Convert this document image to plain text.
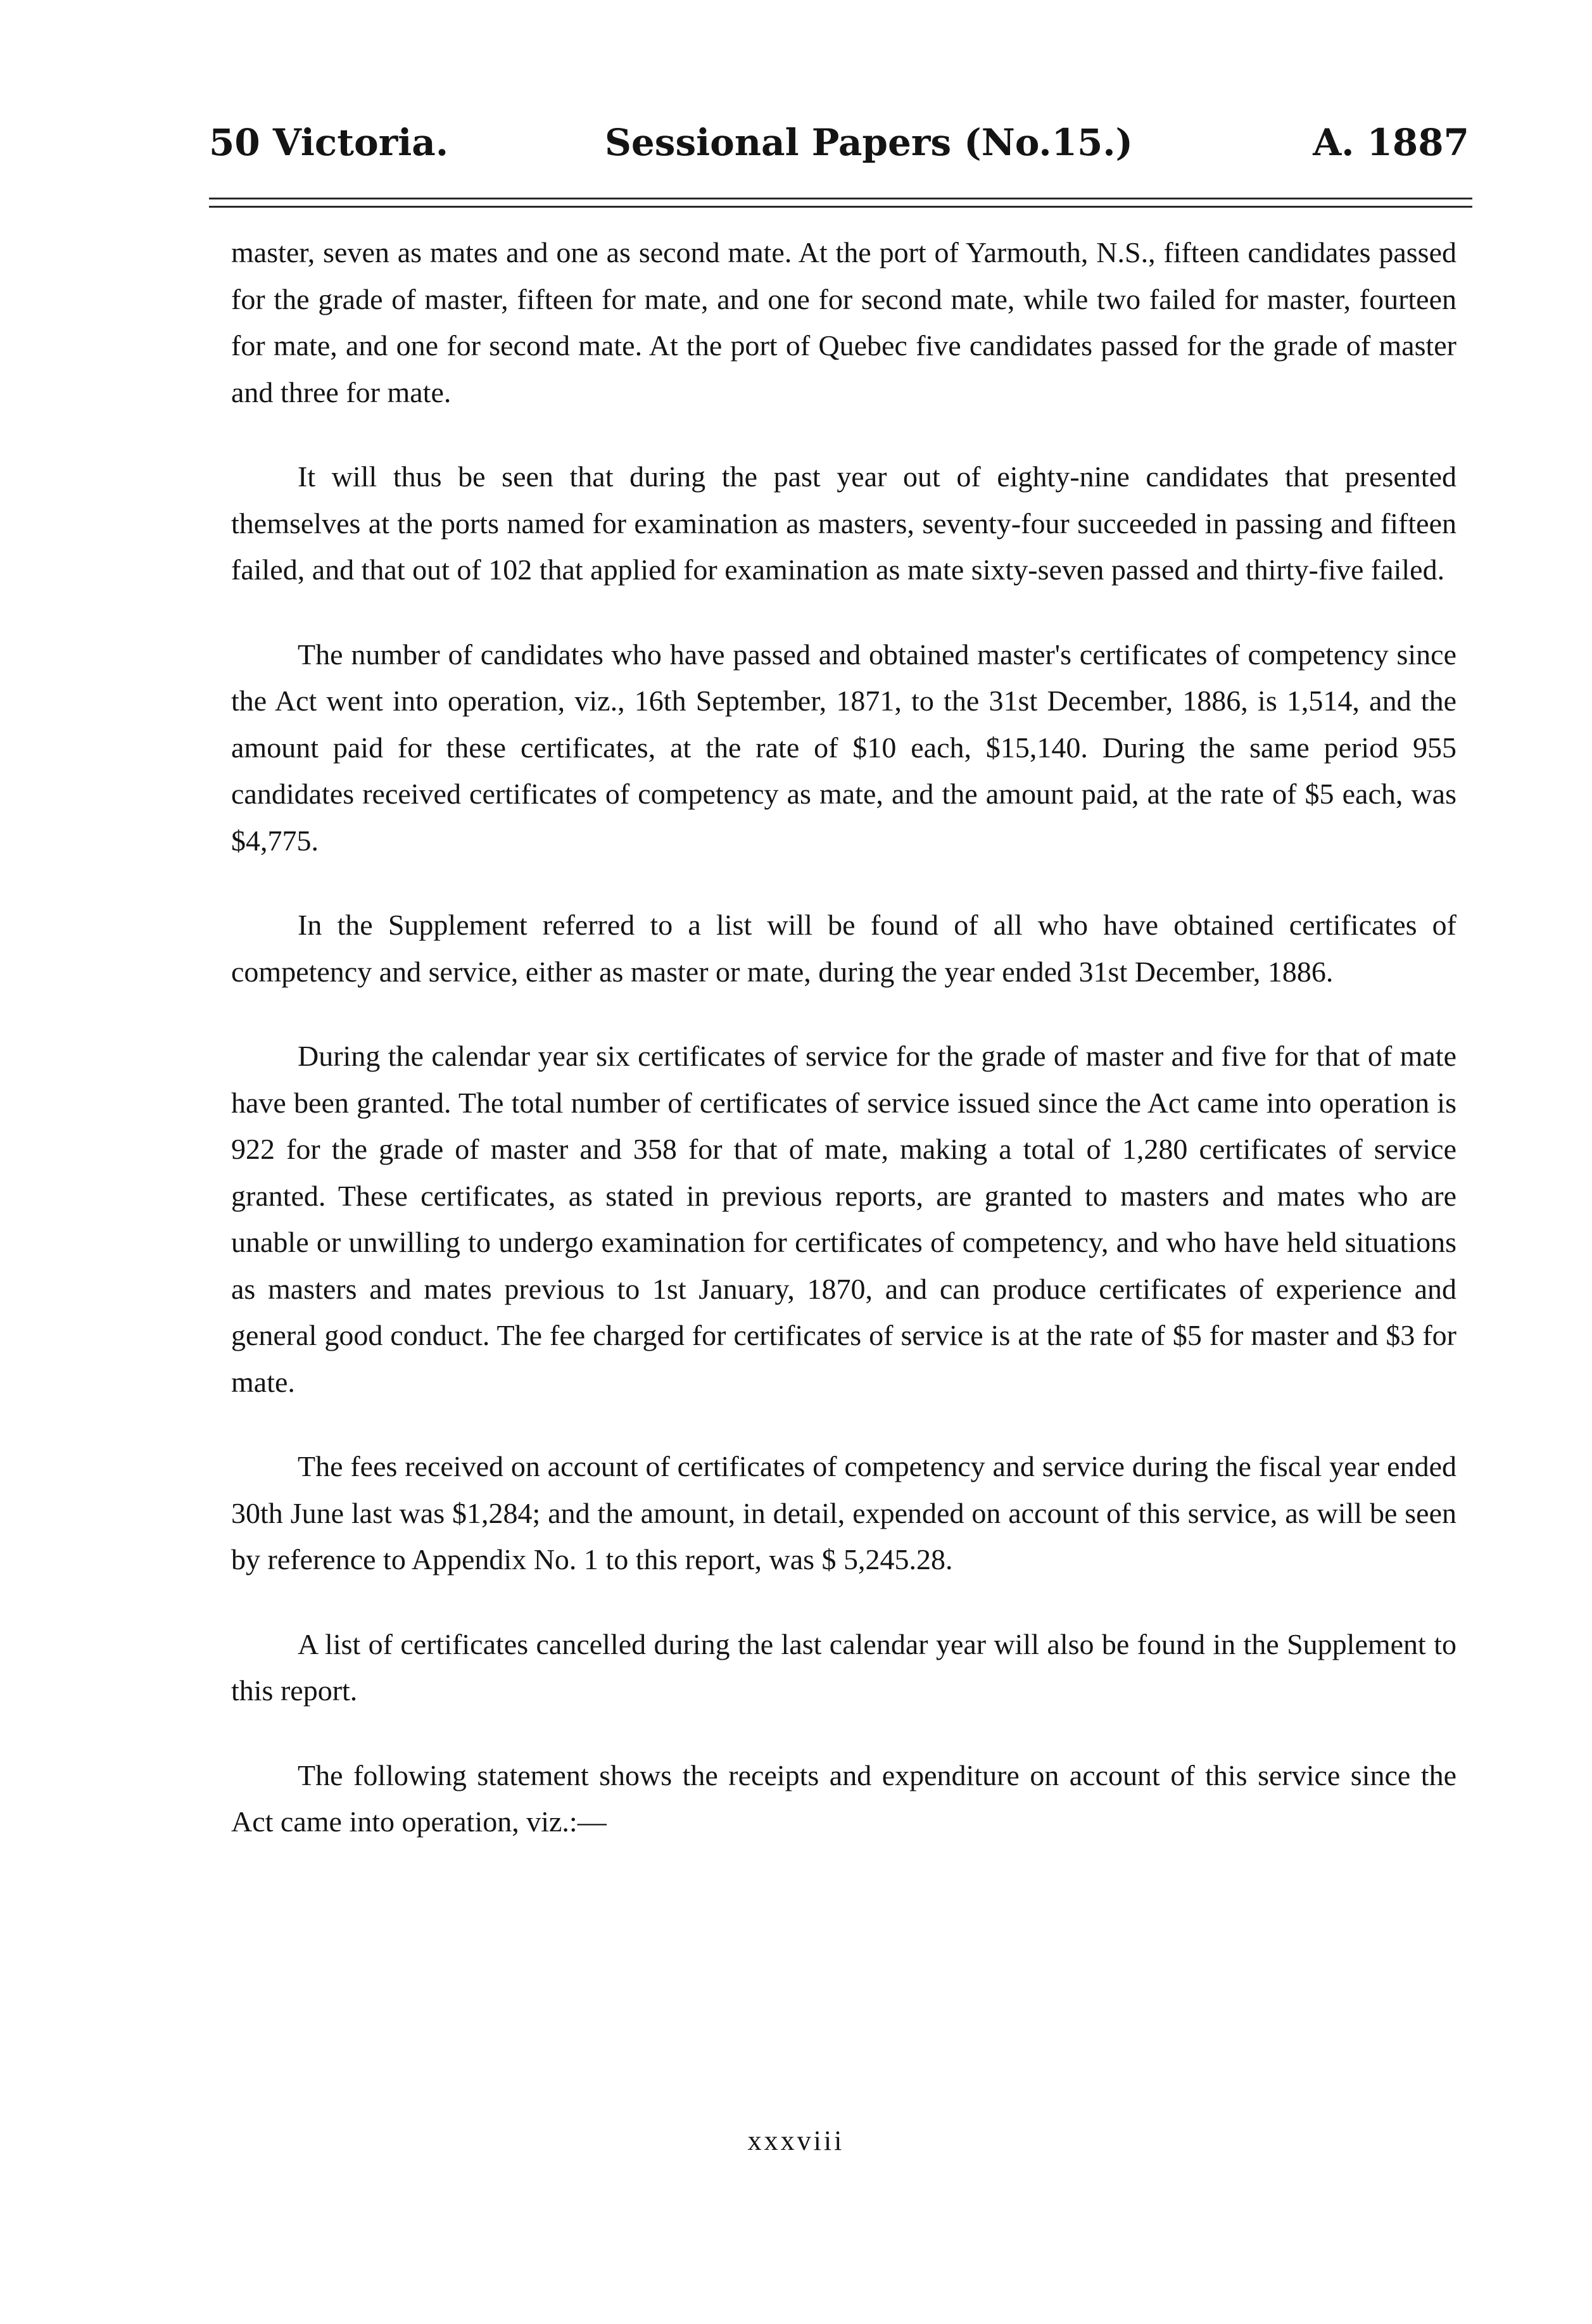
50 Victoria.	Sessional Papers (No.15.)	A. 1887

master, seven as mates and one as second mate. At the port of Yarmouth, N.S., fifteen candidates passed for the grade of master, fifteen for mate, and one for second mate, while two failed for master, fourteen for mate, and one for second mate. At the port of Quebec five candidates passed for the grade of master and three for mate.

It will thus be seen that during the past year out of eighty-nine candidates that presented themselves at the ports named for examination as masters, seventy-four succeeded in passing and fifteen failed, and that out of 102 that applied for examination as mate sixty-seven passed and thirty-five failed.

The number of candidates who have passed and obtained master's certificates of competency since the Act went into operation, viz., 16th September, 1871, to the 31st December, 1886, is 1,514, and the amount paid for these certificates, at the rate of $10 each, $15,140. During the same period 955 candidates received certificates of competency as mate, and the amount paid, at the rate of $5 each, was $4,775.

In the Supplement referred to a list will be found of all who have obtained certificates of competency and service, either as master or mate, during the year ended 31st December, 1886.

During the calendar year six certificates of service for the grade of master and five for that of mate have been granted. The total number of certificates of service issued since the Act came into operation is 922 for the grade of master and 358 for that of mate, making a total of 1,280 certificates of service granted. These certificates, as stated in previous reports, are granted to masters and mates who are unable or unwilling to undergo examination for certificates of competency, and who have held situations as masters and mates previous to 1st January, 1870, and can produce certificates of experience and general good conduct. The fee charged for certificates of service is at the rate of $5 for master and $3 for mate.

The fees received on account of certificates of competency and service during the fiscal year ended 30th June last was $1,284; and the amount, in detail, expended on account of this service, as will be seen by reference to Appendix No. 1 to this report, was $ 5,245.28.

A list of certificates cancelled during the last calendar year will also be found in the Supplement to this report.

The following statement shows the receipts and expenditure on account of this service since the Act came into operation, viz.:—

xxxviii
